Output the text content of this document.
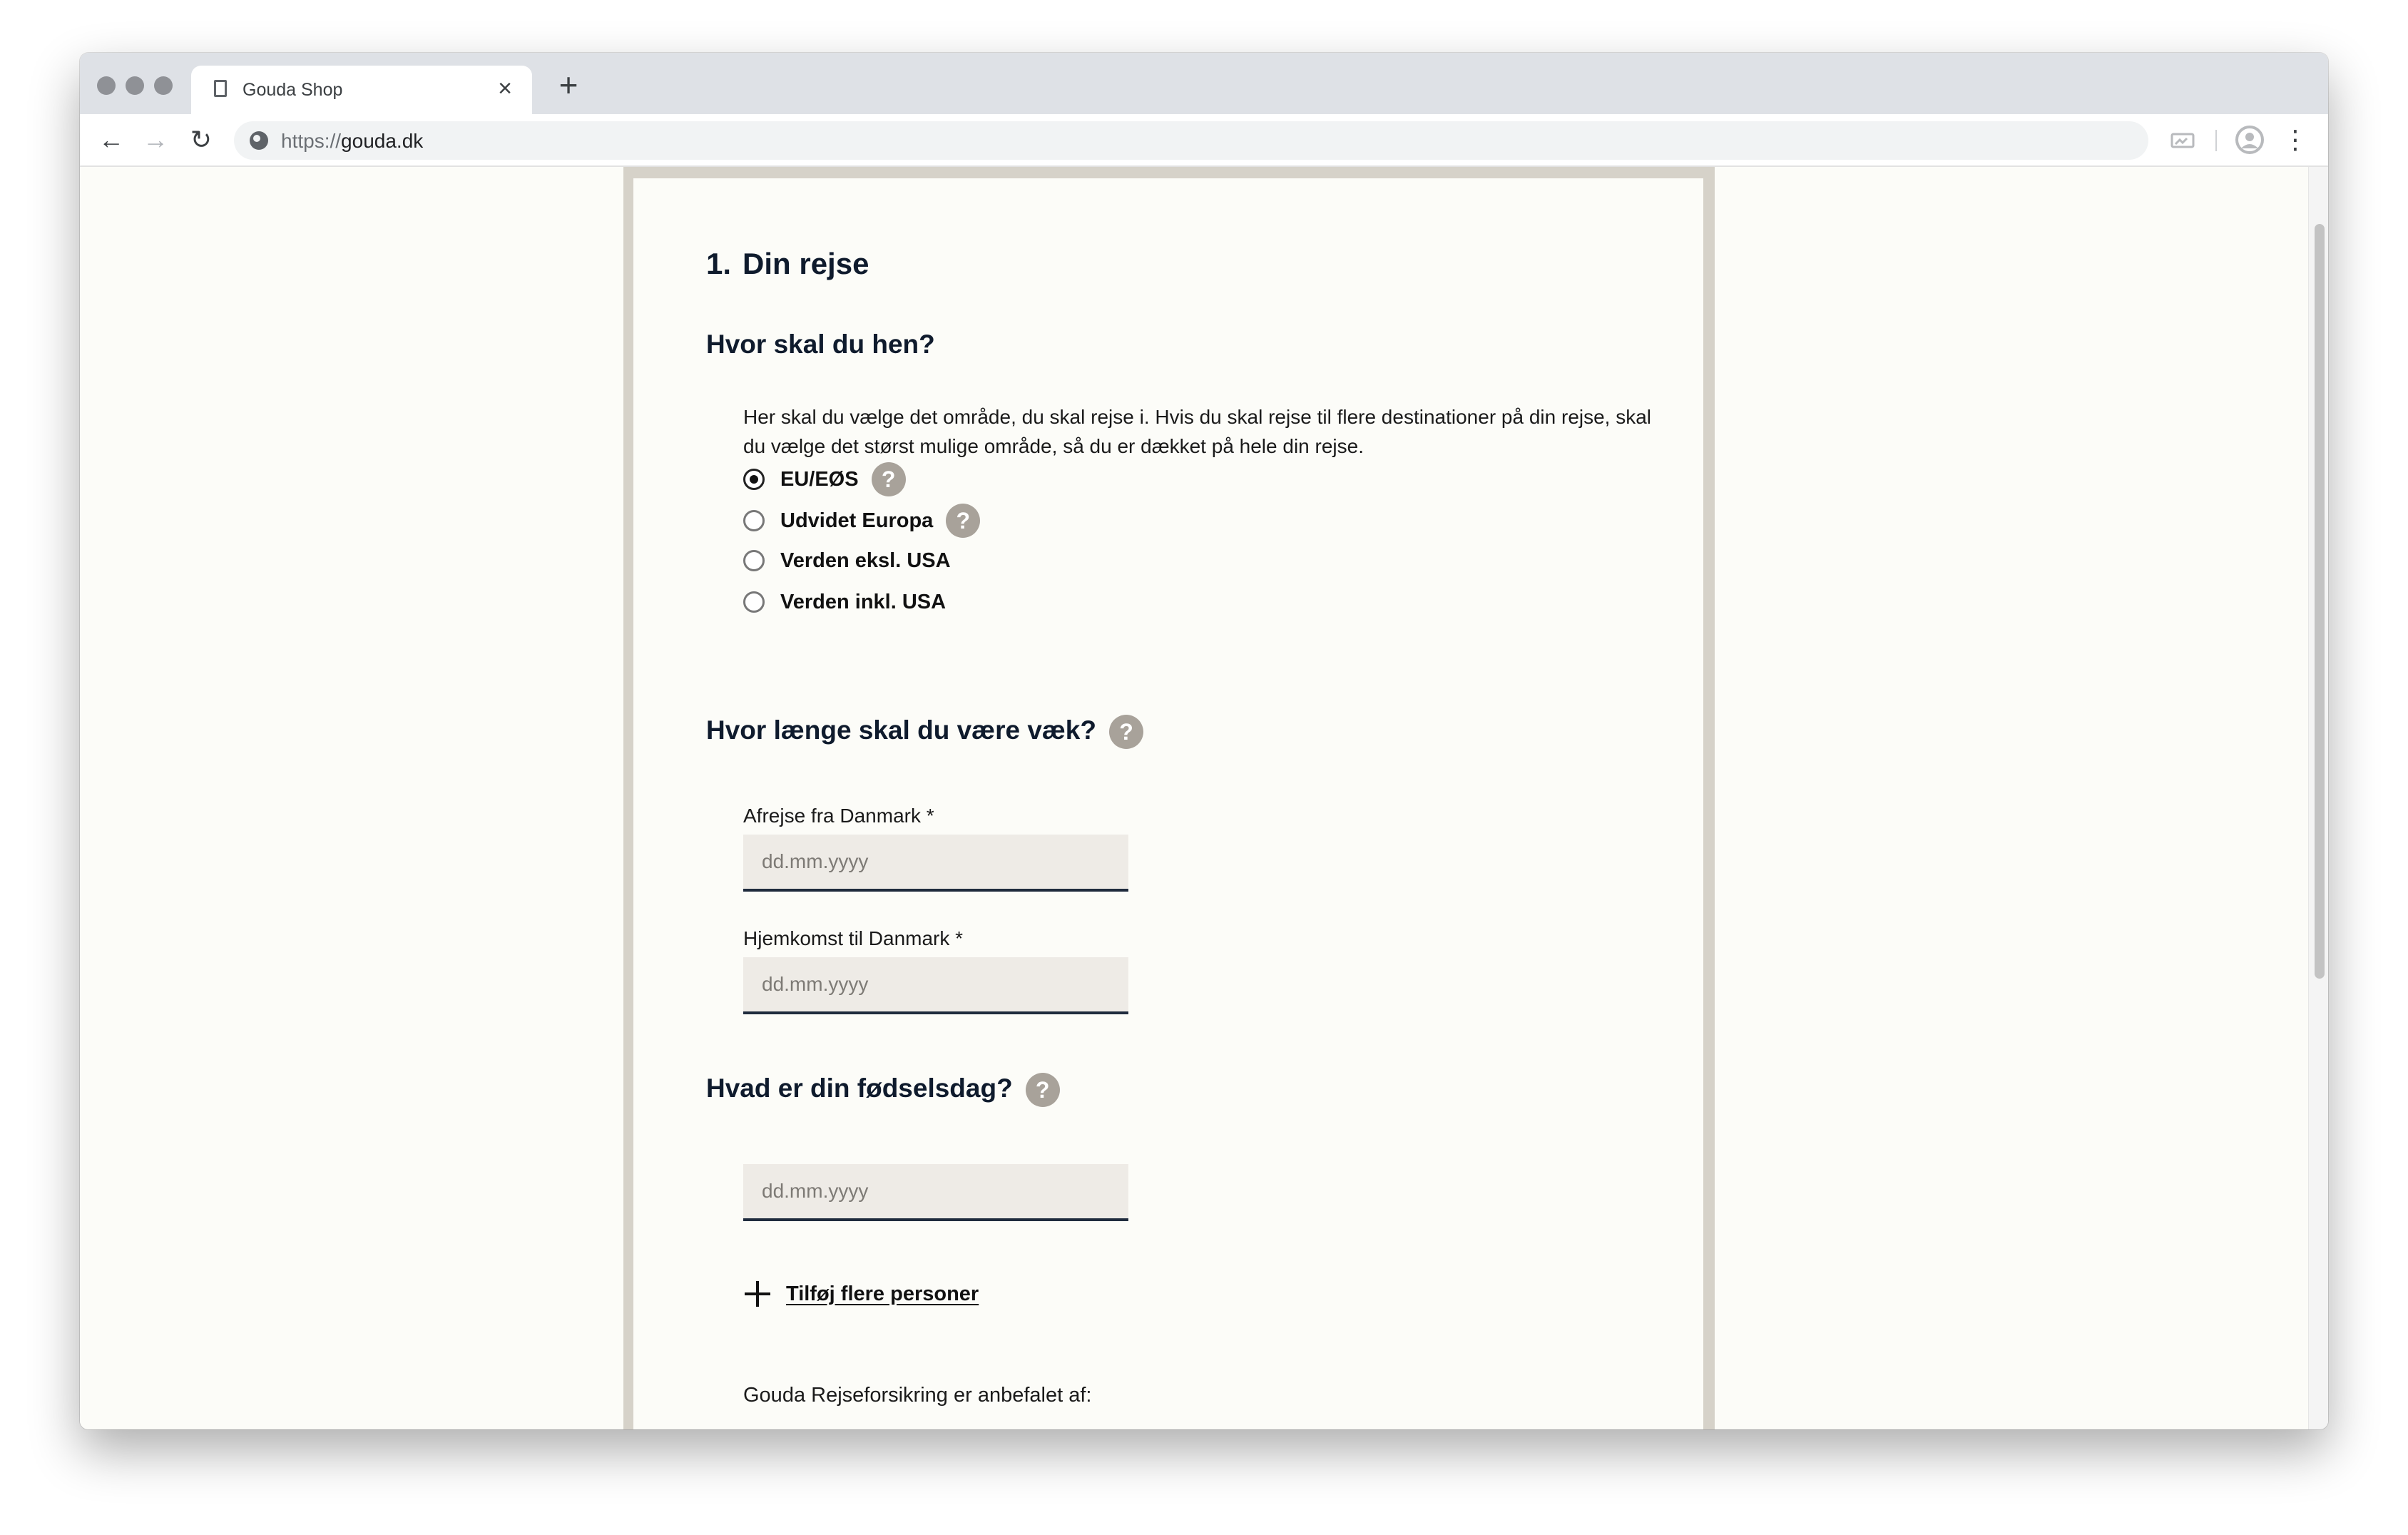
Gouda Shop	× +
← → ↻	https://gouda.dk	⋮
1. Din rejse
Hvor skal du hen?

Her skal du vælge det område, du skal rejse i. Hvis du skal rejse til flere destinationer på din rejse, skal du vælge det størst mulige område, så du er dækket på hele din rejse.

EU/EØS	?
Udvidet Europa	?
Verden eksl. USA
Verden inkl. USA
Hvor længe skal du være væk? ?
Afrejse fra Danmark *
dd.mm.yyyy
Hjemkomst til Danmark *
dd.mm.yyyy
Hvad er din fødselsdag? ?
dd.mm.yyyy
Tilføj flere personer
Gouda Rejseforsikring er anbefalet af:
